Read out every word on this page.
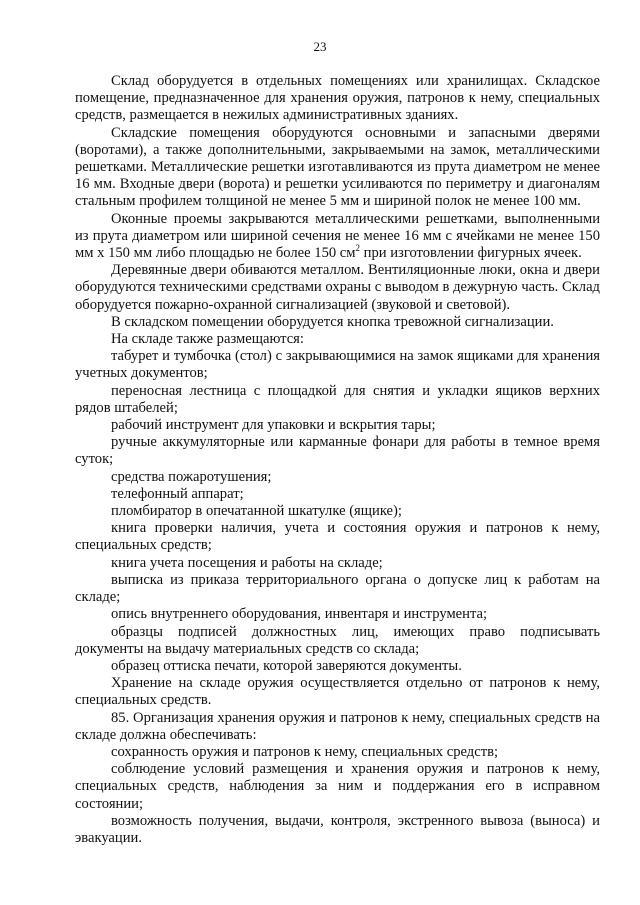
23

Склад оборудуется в отдельных помещениях или хранилищах. Складское помещение, предназначенное для хранения оружия, патронов к нему, специальных средств, размещается в нежилых административных зданиях.

Складские помещения оборудуются основными и запасными дверями (воротами), а также дополнительными, закрываемыми на замок, металлическими решетками. Металлические решетки изготавливаются из прута диаметром не менее 16 мм. Входные двери (ворота) и решетки усиливаются по периметру и диагоналям стальным профилем толщиной не менее 5 мм и шириной полок не менее 100 мм.

Оконные проемы закрываются металлическими решетками, выполненными из прута диаметром или шириной сечения не менее 16 мм с ячейками не менее 150 мм х 150 мм либо площадью не более 150 $см^2$ при изготовлении фигурных ячеек.

Деревянные двери обиваются металлом. Вентиляционные люки, окна и двери оборудуются техническими средствами охраны с выводом в дежурную часть. Склад оборудуется пожарно-охранной сигнализацией (звуковой и световой).

В складском помещении оборудуется кнопка тревожной сигнализации.

На складе также размещаются:

табурет и тумбочка (стол) с закрывающимися на замок ящиками для хранения учетных документов;

переносная лестница с площадкой для снятия и укладки ящиков верхних рядов штабелей;

рабочий инструмент для упаковки и вскрытия тары;

ручные аккумуляторные или карманные фонари для работы в темное время суток;

средства пожаротушения;

телефонный аппарат;

пломбиратор в опечатанной шкатулке (ящике);

книга проверки наличия, учета и состояния оружия и патронов к нему, специальных средств;

книга учета посещения и работы на складе;

выписка из приказа территориального органа о допуске лиц к работам на складе;

опись внутреннего оборудования, инвентаря и инструмента;

образцы подписей должностных лиц, имеющих право подписывать документы на выдачу материальных средств со склада;

образец оттиска печати, которой заверяются документы.

Хранение на складе оружия осуществляется отдельно от патронов к нему, специальных средств.

85. Организация хранения оружия и патронов к нему, специальных средств на складе должна обеспечивать:

сохранность оружия и патронов к нему, специальных средств;

соблюдение условий размещения и хранения оружия и патронов к нему, специальных средств, наблюдения за ним и поддержания его в исправном состоянии;

возможность получения, выдачи, контроля, экстренного вывоза (выноса) и эвакуации.
